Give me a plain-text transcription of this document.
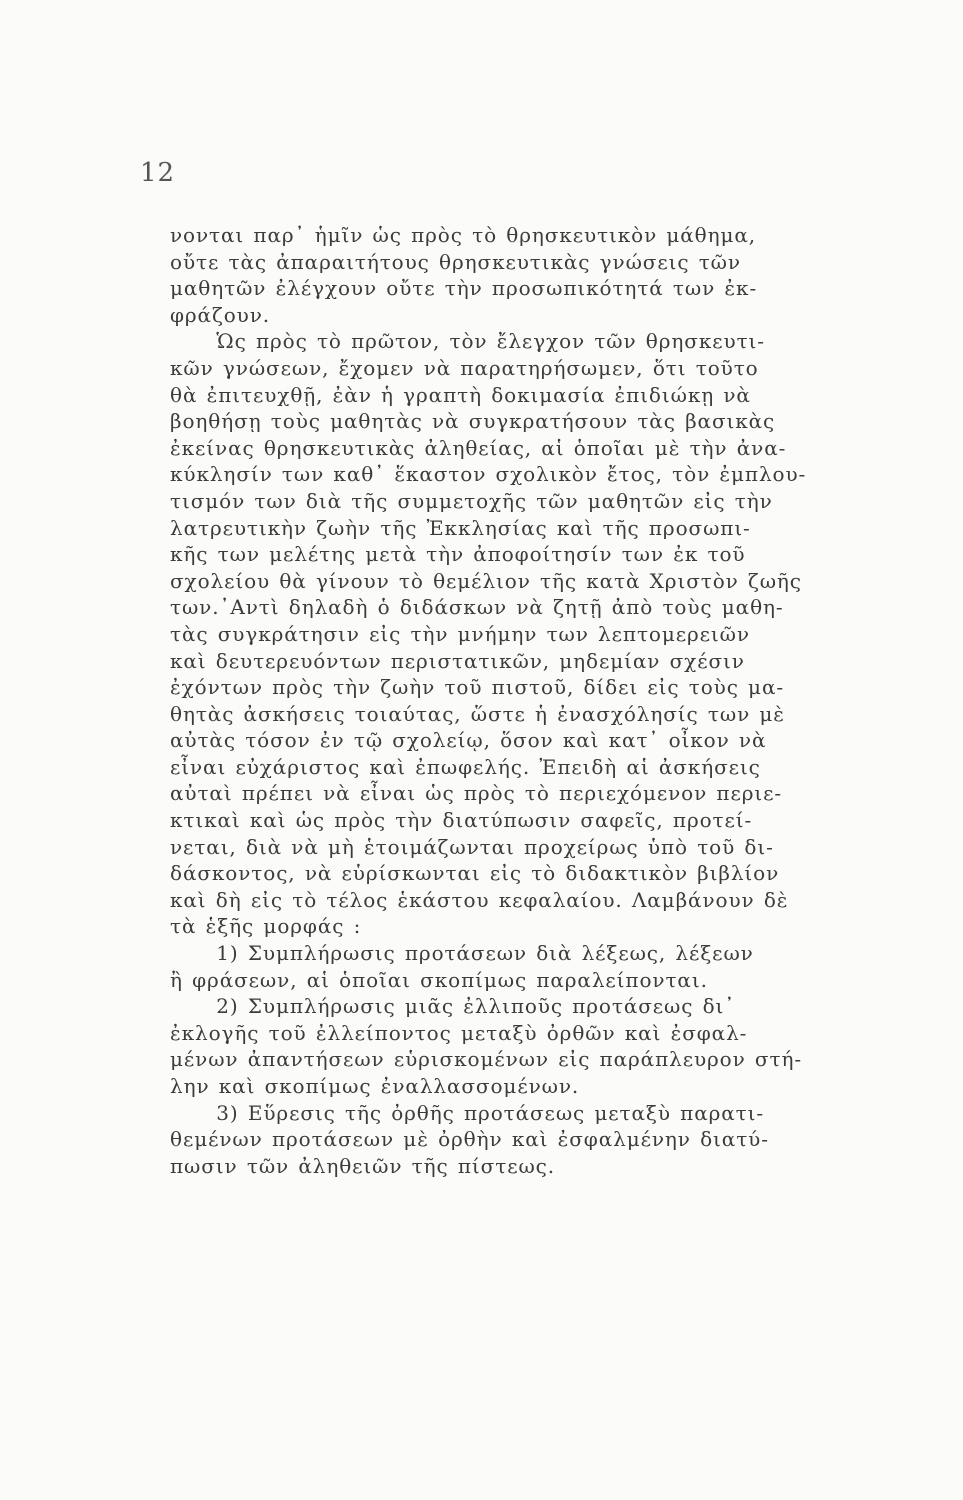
12
νονται παρ᾽ ἡμῖν ὡς πρὸς τὸ θρησκευτικὸν μάθημα,
οὔτε τὰς ἀπαραιτήτους θρησκευτικὰς γνώσεις τῶν
μαθητῶν ἐλέγχουν οὔτε τὴν προσωπικότητά των ἐκ-
φράζουν.
Ὡς πρὸς τὸ πρῶτον, τὸν ἔλεγχον τῶν θρησκευτι-
κῶν γνώσεων, ἔχομεν νὰ παρατηρήσωμεν, ὅτι τοῦτο
θὰ ἐπιτευχθῇ, ἐὰν ἡ γραπτὴ δοκιμασία ἐπιδιώκῃ νὰ
βοηθήσῃ τοὺς μαθητὰς νὰ συγκρατήσουν τὰς βασικὰς
ἐκείνας θρησκευτικὰς ἀληθείας, αἱ ὁποῖαι μὲ τὴν ἀνα-
κύκλησίν των καθ᾽ ἕκαστον σχολικὸν ἔτος, τὸν ἐμπλου-
τισμόν των διὰ τῆς συμμετοχῆς τῶν μαθητῶν εἰς τὴν
λατρευτικὴν ζωὴν τῆς Ἐκκλησίας καὶ τῆς προσωπι-
κῆς των μελέτης μετὰ τὴν ἀποφοίτησίν των ἐκ τοῦ
σχολείου θὰ γίνουν τὸ θεμέλιον τῆς κατὰ Χριστὸν ζωῆς
των.᾽Αντὶ δηλαδὴ ὁ διδάσκων νὰ ζητῇ ἀπὸ τοὺς μαθη-
τὰς συγκράτησιν εἰς τὴν μνήμην των λεπτομερειῶν
καὶ δευτερευόντων περιστατικῶν, μηδεμίαν σχέσιν
ἐχόντων πρὸς τὴν ζωὴν τοῦ πιστοῦ, δίδει εἰς τοὺς μα-
θητὰς ἀσκήσεις τοιαύτας, ὥστε ἡ ἐνασχόλησίς των μὲ
αὐτὰς τόσον ἐν τῷ σχολείῳ, ὅσον καὶ κατ᾽ οἶκον νὰ
εἶναι εὐχάριστος καὶ ἐπωφελής. Ἐπειδὴ αἱ ἀσκήσεις
αὐταὶ πρέπει νὰ εἶναι ὡς πρὸς τὸ περιεχόμενον περιε-
κτικαὶ καὶ ὡς πρὸς τὴν διατύπωσιν σαφεῖς, προτεί-
νεται, διὰ νὰ μὴ ἑτοιμάζωνται προχείρως ὑπὸ τοῦ δι-
δάσκοντος, νὰ εὑρίσκωνται εἰς τὸ διδακτικὸν βιβλίον
καὶ δὴ εἰς τὸ τέλος ἑκάστου κεφαλαίου. Λαμβάνουν δὲ
τὰ ἑξῆς μορφάς :
1) Συμπλήρωσις προτάσεων διὰ λέξεως, λέξεων
ἢ φράσεων, αἱ ὁποῖαι σκοπίμως παραλείπονται.
2) Συμπλήρωσις μιᾶς ἐλλιποῦς προτάσεως δι᾽
ἐκλογῆς τοῦ ἐλλείποντος μεταξὺ ὀρθῶν καὶ ἐσφαλ-
μένων ἀπαντήσεων εὑρισκομένων εἰς παράπλευρον στή-
λην καὶ σκοπίμως ἐναλλασσομένων.
3) Εὕρεσις τῆς ὀρθῆς προτάσεως μεταξὺ παρατι-
θεμένων προτάσεων μὲ ὀρθὴν καὶ ἐσφαλμένην διατύ-
πωσιν τῶν ἀληθειῶν τῆς πίστεως.
